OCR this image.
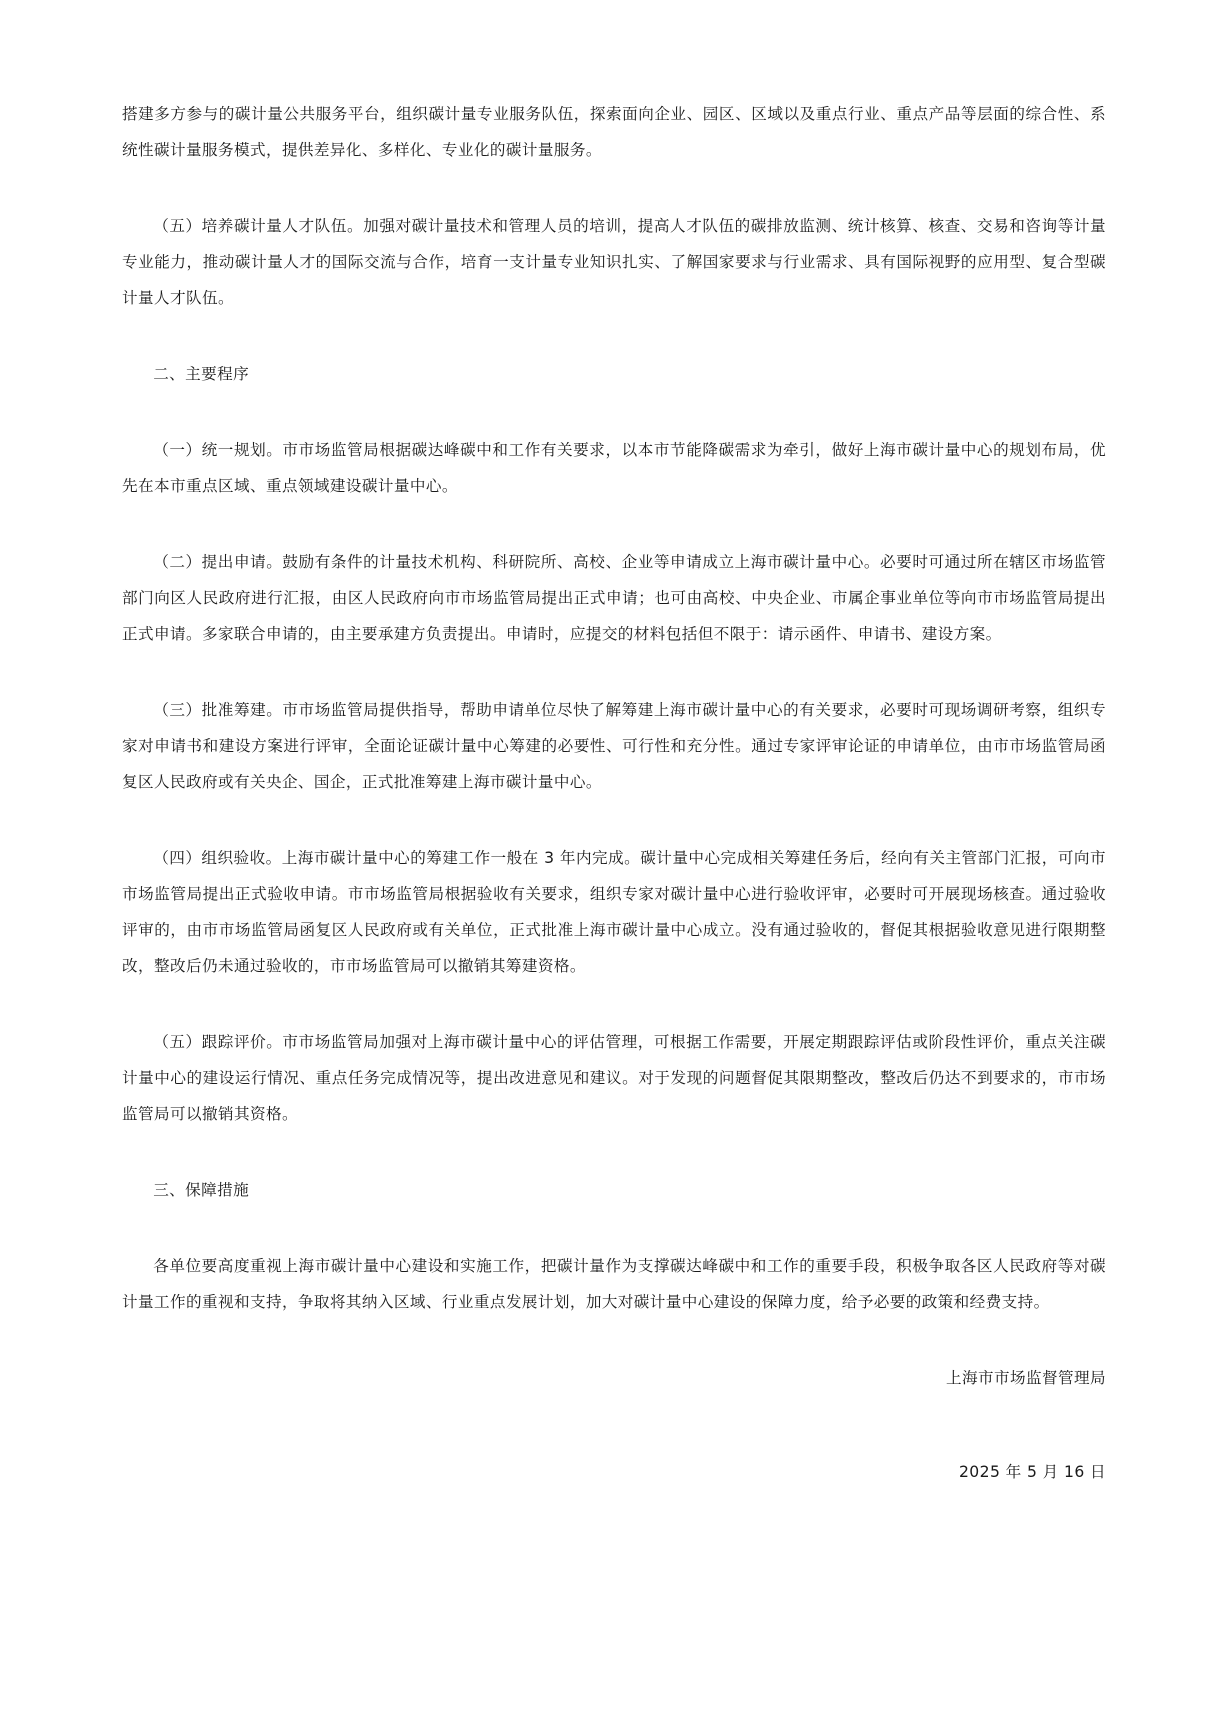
搭建多方参与的碳计量公共服务平台，组织碳计量专业服务队伍，探索面向企业、园区、区域以及重点行业、重点产品等层面的综合性、系统性碳计量服务模式，提供差异化、多样化、专业化的碳计量服务。

（五）培养碳计量人才队伍。加强对碳计量技术和管理人员的培训，提高人才队伍的碳排放监测、统计核算、核查、交易和咨询等计量专业能力，推动碳计量人才的国际交流与合作，培育一支计量专业知识扎实、了解国家要求与行业需求、具有国际视野的应用型、复合型碳计量人才队伍。

二、主要程序

（一）统一规划。市市场监管局根据碳达峰碳中和工作有关要求，以本市节能降碳需求为牵引，做好上海市碳计量中心的规划布局，优先在本市重点区域、重点领域建设碳计量中心。

（二）提出申请。鼓励有条件的计量技术机构、科研院所、高校、企业等申请成立上海市碳计量中心。必要时可通过所在辖区市场监管部门向区人民政府进行汇报，由区人民政府向市市场监管局提出正式申请；也可由高校、中央企业、市属企事业单位等向市市场监管局提出正式申请。多家联合申请的，由主要承建方负责提出。申请时，应提交的材料包括但不限于：请示函件、申请书、建设方案。

（三）批准筹建。市市场监管局提供指导，帮助申请单位尽快了解筹建上海市碳计量中心的有关要求，必要时可现场调研考察，组织专家对申请书和建设方案进行评审，全面论证碳计量中心筹建的必要性、可行性和充分性。通过专家评审论证的申请单位，由市市场监管局函复区人民政府或有关央企、国企，正式批准筹建上海市碳计量中心。

（四）组织验收。上海市碳计量中心的筹建工作一般在 3 年内完成。碳计量中心完成相关筹建任务后，经向有关主管部门汇报，可向市市场监管局提出正式验收申请。市市场监管局根据验收有关要求，组织专家对碳计量中心进行验收评审，必要时可开展现场核查。通过验收评审的，由市市场监管局函复区人民政府或有关单位，正式批准上海市碳计量中心成立。没有通过验收的，督促其根据验收意见进行限期整改，整改后仍未通过验收的，市市场监管局可以撤销其筹建资格。

（五）跟踪评价。市市场监管局加强对上海市碳计量中心的评估管理，可根据工作需要，开展定期跟踪评估或阶段性评价，重点关注碳计量中心的建设运行情况、重点任务完成情况等，提出改进意见和建议。对于发现的问题督促其限期整改，整改后仍达不到要求的，市市场监管局可以撤销其资格。

三、保障措施

各单位要高度重视上海市碳计量中心建设和实施工作，把碳计量作为支撑碳达峰碳中和工作的重要手段，积极争取各区人民政府等对碳计量工作的重视和支持，争取将其纳入区域、行业重点发展计划，加大对碳计量中心建设的保障力度，给予必要的政策和经费支持。

上海市市场监督管理局

2025 年 5 月 16 日
